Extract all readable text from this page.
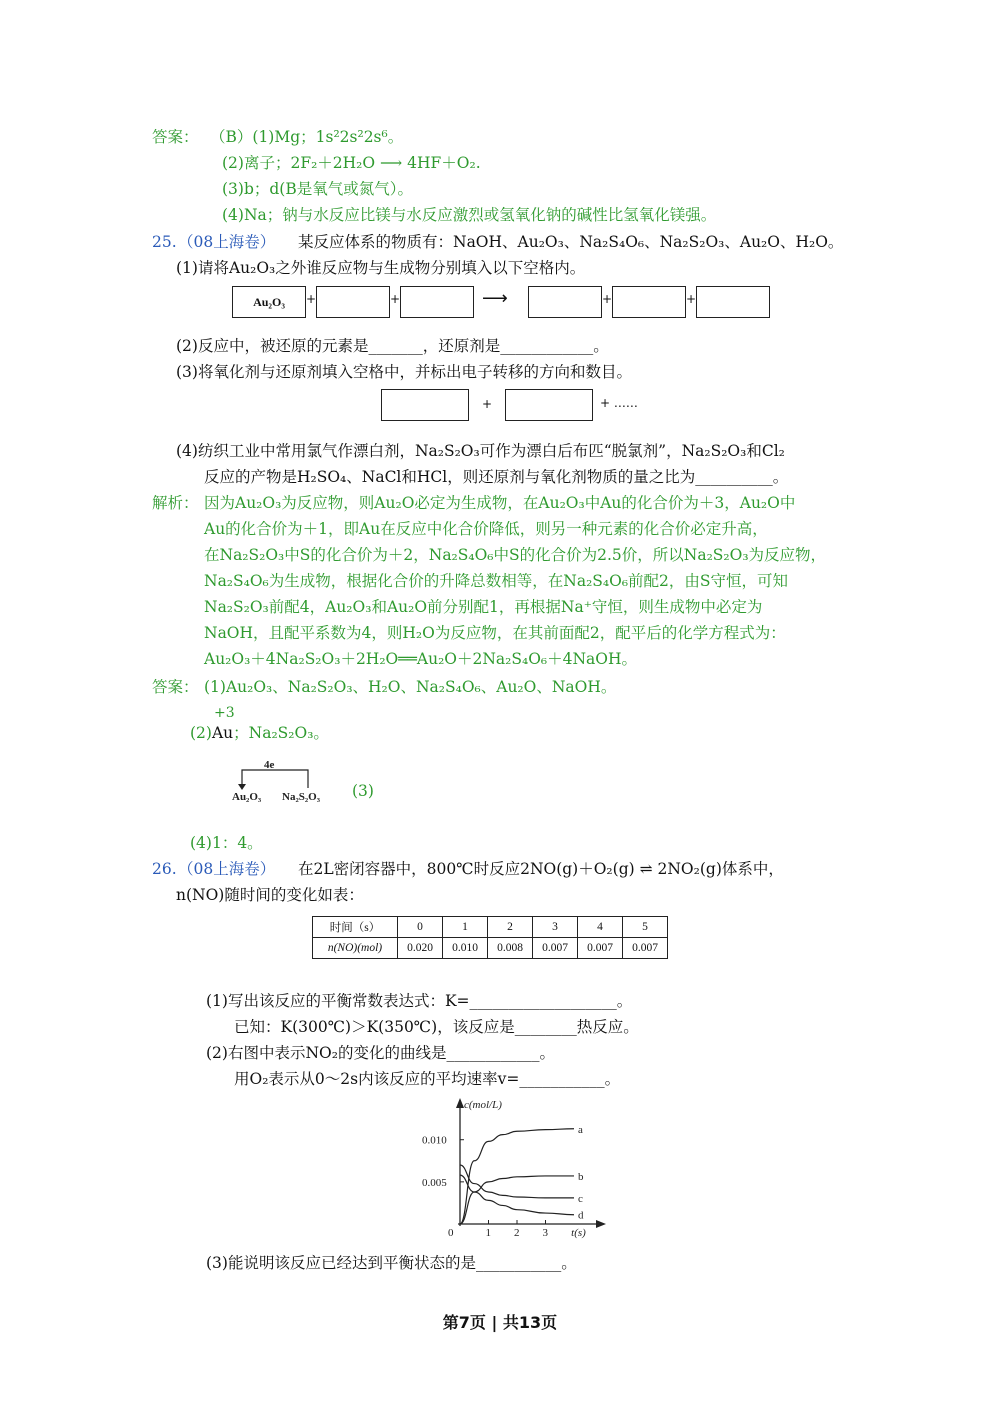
答案： （B）(1)Mg；1s²2s²2s⁶。
(2)离子；2F₂＋2H₂O ⟶ 4HF＋O₂.
(3)b；d(B是氧气或氮气）。
(4)Na；钠与水反应比镁与水反应激烈或氢氧化钠的碱性比氢氧化镁强。
25. （08上海卷） 某反应体系的物质有：NaOH、Au₂O₃、Na₂S₄O₆、Na₂S₂O₃、Au₂O、H₂O。
(1)请将Au₂O₃之外谁反应物与生成物分别填入以下空格内。
Au₂O₃	+	+	⟶	+	+
(2)反应中，被还原的元素是_______，还原剂是____________。
(3)将氧化剂与还原剂填入空格中，并标出电子转移的方向和数目。
+	+ ……
(4)纺织工业中常用氯气作漂白剂，Na₂S₂O₃可作为漂白后布匹“脱氯剂”，Na₂S₂O₃和Cl₂
反应的产物是H₂SO₄、NaCl和HCl，则还原剂与氧化剂物质的量之比为__________。
解析： 因为Au₂O₃为反应物，则Au₂O必定为生成物，在Au₂O₃中Au的化合价为＋3，Au₂O中
Au的化合价为＋1，即Au在反应中化合价降低，则另一种元素的化合价必定升高，
在Na₂S₂O₃中S的化合价为＋2，Na₂S₄O₆中S的化合价为2.5价，所以Na₂S₂O₃为反应物，
Na₂S₄O₆为生成物，根据化合价的升降总数相等，在Na₂S₄O₆前配2，由S守恒，可知
Na₂S₂O₃前配4，Au₂O₃和Au₂O前分别配1，再根据Na⁺守恒，则生成物中必定为
NaOH，且配平系数为4，则H₂O为反应物，在其前面配2，配平后的化学方程式为：
Au₂O₃＋4Na₂S₂O₃＋2H₂O══Au₂O＋2Na₂S₄O₆＋4NaOH。
答案： (1)Au₂O₃、Na₂S₂O₃、H₂O、Na₂S₄O₆、Au₂O、NaOH。
+3
(2)Au；Na₂S₂O₃。
4e
Au₂O₃ Na₂S₂O₃ (3)
(4)1：4。
26. （08上海卷） 在2L密闭容器中，800℃时反应2NO(g)＋O₂(g) ⇌ 2NO₂(g)体系中，
n(NO)随时间的变化如表：
时间（s）	0	1	2	3	4	5
n(NO)(mol)	0.020	0.010	0.008	0.007	0.007	0.007
(1)写出该反应的平衡常数表达式：K=___________________。
已知：K(300℃)＞K(350℃)，该反应是________热反应。
(2)右图中表示NO₂的变化的曲线是____________。
用O₂表示从0～2s内该反应的平均速率v=___________。
c(mol/L)
t(s)
0	1 2 3
0.005
0.010
a
b
c
d
(3)能说明该反应已经达到平衡状态的是___________。
第7页 | 共13页
